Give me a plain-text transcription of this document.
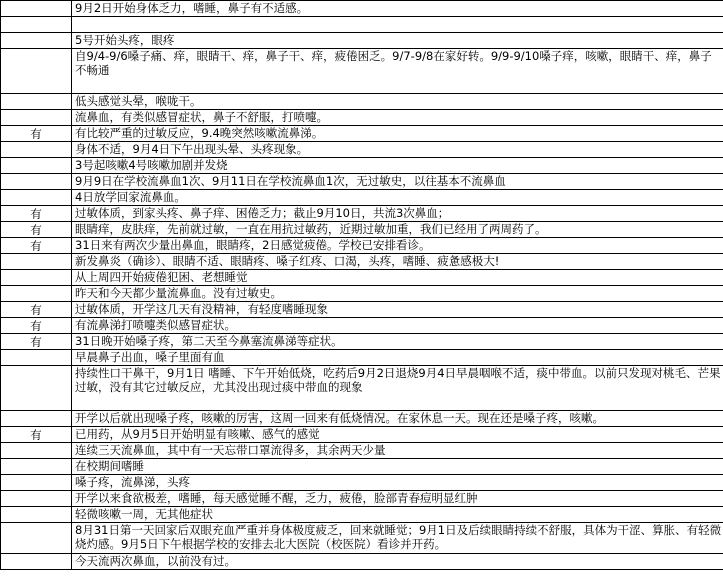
	9月2日开始身体乏力，嗜睡，鼻子有不适感。

	5号开始头疼，眼疼
	自9/4-9/6嗓子痛、痒，眼睛干、痒，鼻子干、痒，疲倦困乏。9/7-9/8在家好转。9/9-9/10嗓子痒，咳嗽，眼睛干、痒，鼻子不畅通
	低头感觉头晕，喉咙干。
	流鼻血，有类似感冒症状，鼻子不舒服，打喷嚏。
有	有比较严重的过敏反应，9.4晚突然咳嗽流鼻涕。
	身体不适，9月4日下午出现头晕、头疼现象。
	3号起咳嗽4号咳嗽加剧并发烧
	9月9日在学校流鼻血1次、9月11日在学校流鼻血1次，无过敏史，以往基本不流鼻血
	4日放学回家流鼻血。
有	过敏体质，到家头疼、鼻子痒、困倦乏力；截止9月10日，共流3次鼻血；
有	眼睛痒，皮肤痒，先前就过敏，一直在用抗过敏药，近期过敏加重，我们已经用了两周药了。
有	31日来有两次少量出鼻血，眼睛疼，2日感觉疲倦。学校已安排看诊。
	新发鼻炎（确诊）、眼睛不适、眼睛疼、嗓子红疼、口渴，头疼，嗜睡、疲惫感极大!
	从上周四开始疲倦犯困、老想睡觉
	昨天和今天都少量流鼻血。没有过敏史。
有	过敏体质，开学这几天有没精神，有轻度嗜睡现象
有	有流鼻涕打喷嚏类似感冒症状。
有	31日晚开始嗓子疼，第二天至今鼻塞流鼻涕等症状。
	早晨鼻子出血，嗓子里面有血
	持续性口干鼻干，9月1日 嗜睡、下午开始低烧，吃药后9月2日退烧9月4日早晨咽喉不适，痰中带血。以前只发现对桃毛、芒果过敏，没有其它过敏反应，尤其没出现过痰中带血的现象
	开学以后就出现嗓子疼，咳嗽的厉害，这周一回来有低烧情况。在家休息一天。现在还是嗓子疼，咳嗽。
有	已用药，从9月5日开始明显有咳嗽、感气的感觉
	连续三天流鼻血，其中有一天忘带口罩流得多，其余两天少量
	在校期间嗜睡
	嗓子疼，流鼻涕，头疼
	开学以来食欲极差，嗜睡，每天感觉睡不醒，乏力，疲倦，脸部青春痘明显红肿
	轻微咳嗽一周，无其他症状
	8月31日第一天回家后双眼充血严重并身体极度疲乏，回来就睡觉；9月1日及后续眼睛持续不舒服，具体为干涩、算胀、有轻微烧灼感。9月5日下午根据学校的安排去北大医院（校医院）看诊并开药。
	今天流两次鼻血，以前没有过。
